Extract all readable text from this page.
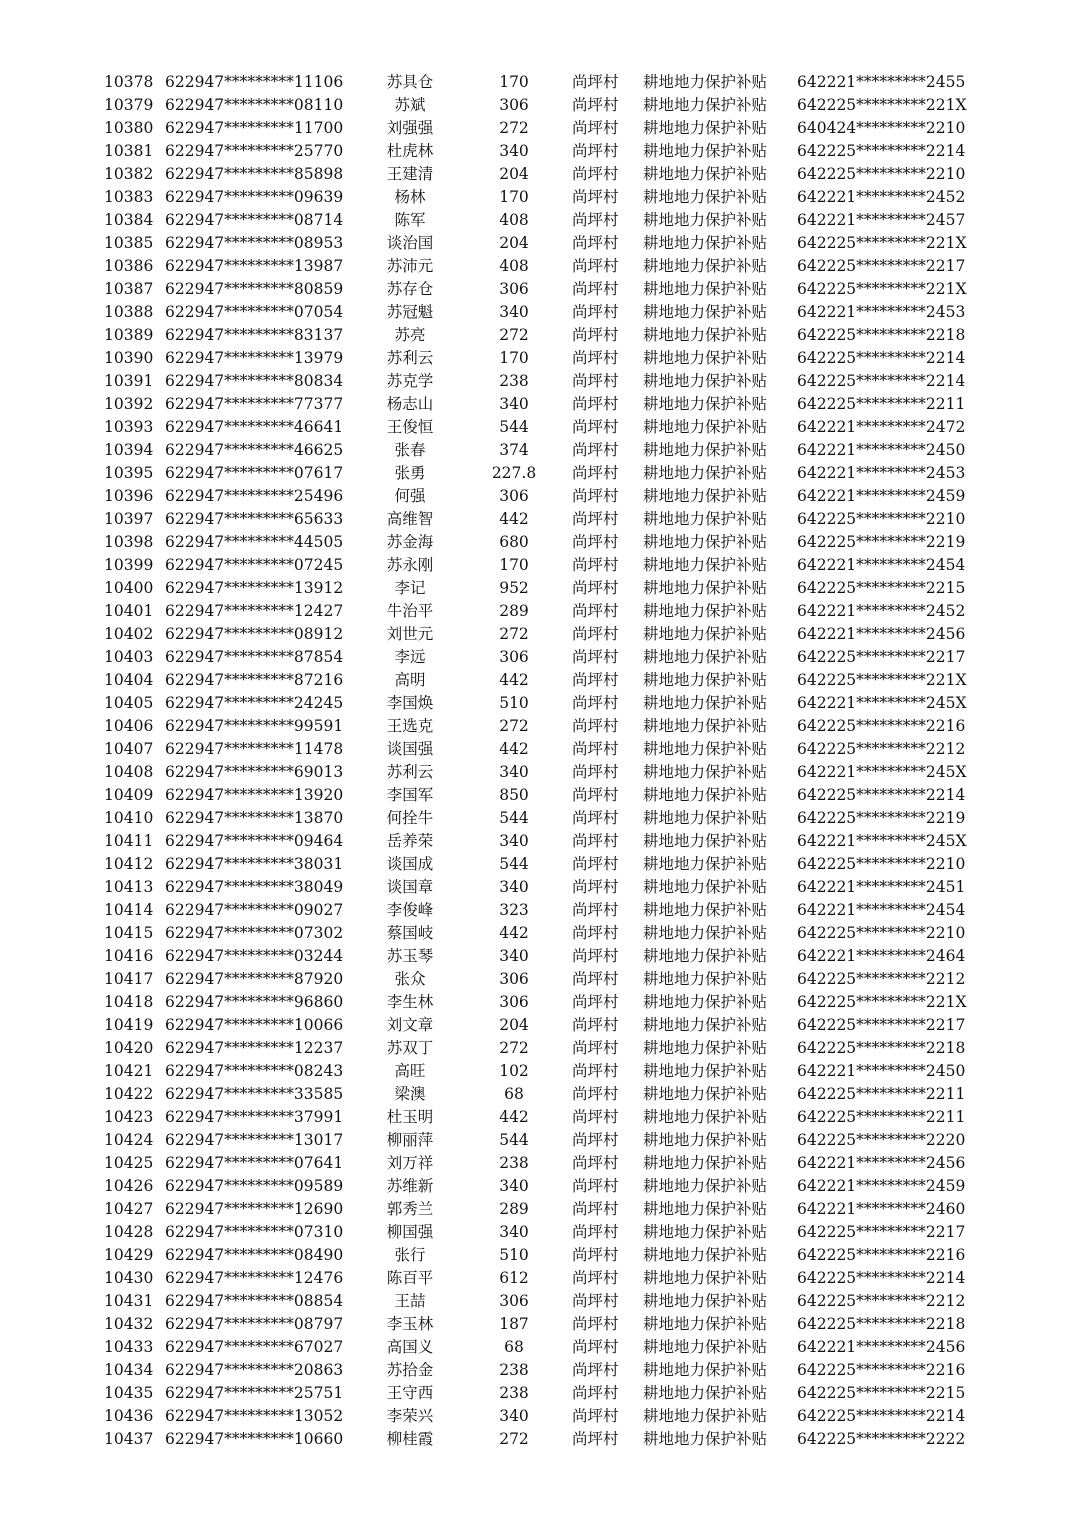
10378 622947*********11106	苏具仓	170	尚坪村 耕地地力保护补贴 642221*********2455
10379 622947*********08110	苏斌	306	尚坪村 耕地地力保护补贴 642225*********221X
10380 622947*********11700	刘强强	272	尚坪村 耕地地力保护补贴 640424*********2210
10381 622947*********25770	杜虎林	340	尚坪村 耕地地力保护补贴 642225*********2214
10382 622947*********85898	王建清	204	尚坪村 耕地地力保护补贴 642225*********2210
10383 622947*********09639	杨林	170	尚坪村 耕地地力保护补贴 642221*********2452
10384 622947*********08714	陈军	408	尚坪村 耕地地力保护补贴 642221*********2457
10385 622947*********08953	谈治国	204	尚坪村 耕地地力保护补贴 642225*********221X
10386 622947*********13987	苏沛元	408	尚坪村 耕地地力保护补贴 642225*********2217
10387 622947*********80859	苏存仓	306	尚坪村 耕地地力保护补贴 642225*********221X
10388 622947*********07054	苏冠魁	340	尚坪村 耕地地力保护补贴 642221*********2453
10389 622947*********83137	苏亮	272	尚坪村 耕地地力保护补贴 642225*********2218
10390 622947*********13979	苏利云	170	尚坪村 耕地地力保护补贴 642225*********2214
10391 622947*********80834	苏克学	238	尚坪村 耕地地力保护补贴 642225*********2214
10392 622947*********77377	杨志山	340	尚坪村 耕地地力保护补贴 642225*********2211
10393 622947*********46641	王俊恒	544	尚坪村 耕地地力保护补贴 642221*********2472
10394 622947*********46625	张春	374	尚坪村 耕地地力保护补贴 642221*********2450
10395 622947*********07617	张勇	227.8	尚坪村 耕地地力保护补贴 642221*********2453
10396 622947*********25496	何强	306	尚坪村 耕地地力保护补贴 642221*********2459
10397 622947*********65633	高维智	442	尚坪村 耕地地力保护补贴 642225*********2210
10398 622947*********44505	苏金海	680	尚坪村 耕地地力保护补贴 642225*********2219
10399 622947*********07245	苏永刚	170	尚坪村 耕地地力保护补贴 642221*********2454
10400 622947*********13912	李记	952	尚坪村 耕地地力保护补贴 642225*********2215
10401 622947*********12427	牛治平	289	尚坪村 耕地地力保护补贴 642221*********2452
10402 622947*********08912	刘世元	272	尚坪村 耕地地力保护补贴 642221*********2456
10403 622947*********87854	李远	306	尚坪村 耕地地力保护补贴 642225*********2217
10404 622947*********87216	高明	442	尚坪村 耕地地力保护补贴 642225*********221X
10405 622947*********24245	李国焕	510	尚坪村 耕地地力保护补贴 642221*********245X
10406 622947*********99591	王选克	272	尚坪村 耕地地力保护补贴 642225*********2216
10407 622947*********11478	谈国强	442	尚坪村 耕地地力保护补贴 642225*********2212
10408 622947*********69013	苏利云	340	尚坪村 耕地地力保护补贴 642221*********245X
10409 622947*********13920	李国军	850	尚坪村 耕地地力保护补贴 642225*********2214
10410 622947*********13870	何拴牛	544	尚坪村 耕地地力保护补贴 642225*********2219
10411 622947*********09464	岳养荣	340	尚坪村 耕地地力保护补贴 642221*********245X
10412 622947*********38031	谈国成	544	尚坪村 耕地地力保护补贴 642225*********2210
10413 622947*********38049	谈国章	340	尚坪村 耕地地力保护补贴 642221*********2451
10414 622947*********09027	李俊峰	323	尚坪村 耕地地力保护补贴 642221*********2454
10415 622947*********07302	蔡国岐	442	尚坪村 耕地地力保护补贴 642225*********2210
10416 622947*********03244	苏玉琴	340	尚坪村 耕地地力保护补贴 642221*********2464
10417 622947*********87920	张众	306	尚坪村 耕地地力保护补贴 642225*********2212
10418 622947*********96860	李生林	306	尚坪村 耕地地力保护补贴 642225*********221X
10419 622947*********10066	刘文章	204	尚坪村 耕地地力保护补贴 642225*********2217
10420 622947*********12237	苏双丁	272	尚坪村 耕地地力保护补贴 642225*********2218
10421 622947*********08243	高旺	102	尚坪村 耕地地力保护补贴 642221*********2450
10422 622947*********33585	梁澳	68	尚坪村 耕地地力保护补贴 642225*********2211
10423 622947*********37991	杜玉明	442	尚坪村 耕地地力保护补贴 642225*********2211
10424 622947*********13017	柳丽萍	544	尚坪村 耕地地力保护补贴 642225*********2220
10425 622947*********07641	刘万祥	238	尚坪村 耕地地力保护补贴 642221*********2456
10426 622947*********09589	苏维新	340	尚坪村 耕地地力保护补贴 642221*********2459
10427 622947*********12690	郭秀兰	289	尚坪村 耕地地力保护补贴 642221*********2460
10428 622947*********07310	柳国强	340	尚坪村 耕地地力保护补贴 642225*********2217
10429 622947*********08490	张行	510	尚坪村 耕地地力保护补贴 642225*********2216
10430 622947*********12476	陈百平	612	尚坪村 耕地地力保护补贴 642225*********2214
10431 622947*********08854	王喆	306	尚坪村 耕地地力保护补贴 642225*********2212
10432 622947*********08797	李玉林	187	尚坪村 耕地地力保护补贴 642225*********2218
10433 622947*********67027	高国义	68	尚坪村 耕地地力保护补贴 642221*********2456
10434 622947*********20863	苏拾金	238	尚坪村 耕地地力保护补贴 642225*********2216
10435 622947*********25751	王守西	238	尚坪村 耕地地力保护补贴 642225*********2215
10436 622947*********13052	李荣兴	340	尚坪村 耕地地力保护补贴 642225*********2214
10437 622947*********10660	柳桂霞	272	尚坪村 耕地地力保护补贴 642225*********2222
